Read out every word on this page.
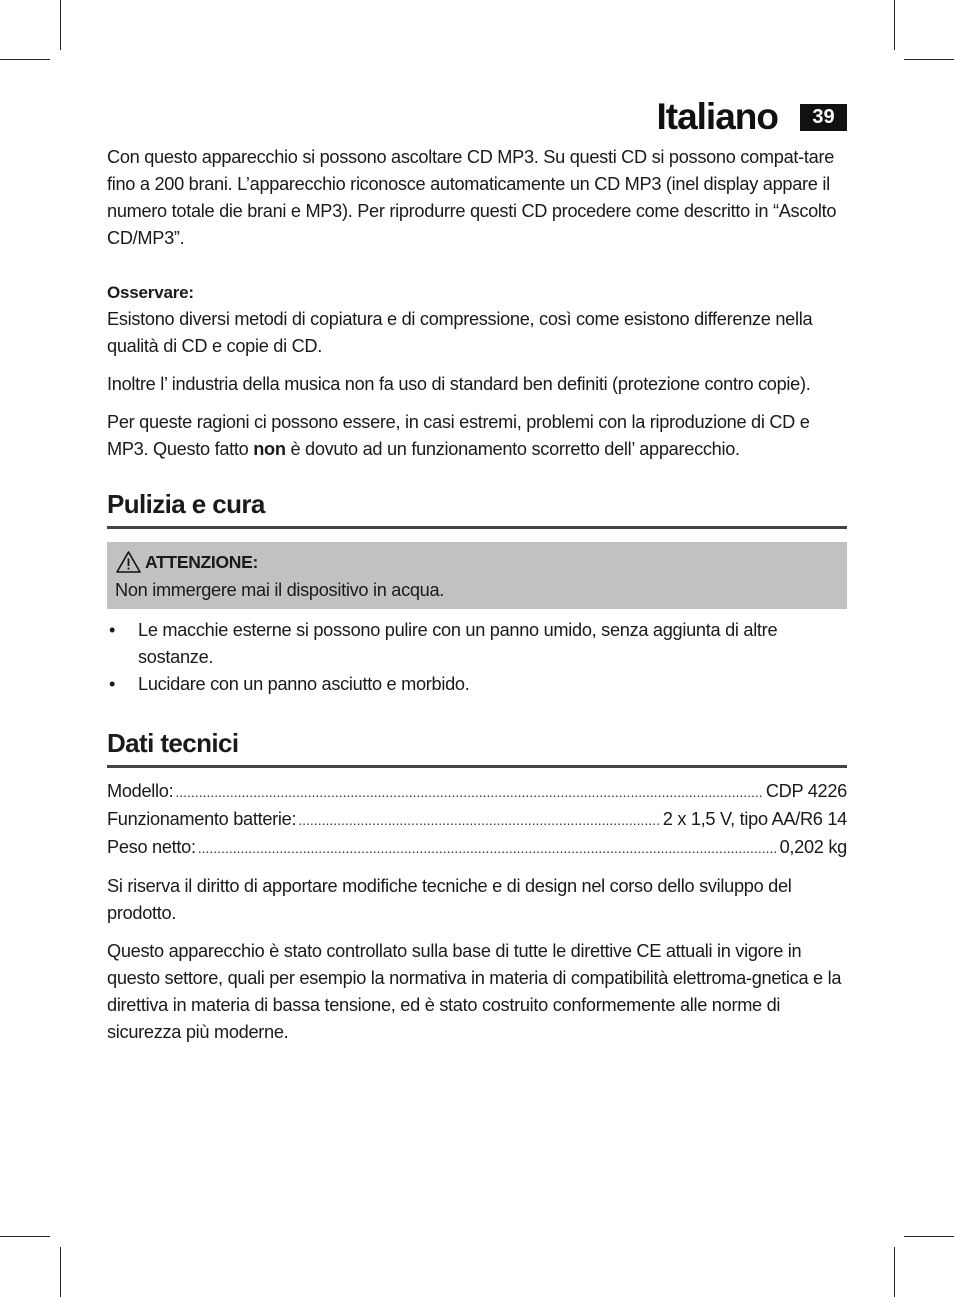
Italiano	39

Con questo apparecchio si possono ascoltare CD MP3. Su questi CD si possono compat-tare fino a 200 brani. L’apparecchio riconosce automaticamente un CD MP3 (inel display appare il numero totale die brani e MP3). Per riprodurre questi CD procedere come descritto in “Ascolto CD/MP3”.

Osservare:

Esistono diversi metodi di copiatura e di compressione, così come esistono differenze nella qualità di CD e copie di CD.

Inoltre l’ industria della musica non fa uso di standard ben definiti (protezione contro copie).

Per queste ragioni ci possono essere, in casi estremi, problemi con la riproduzione di CD e MP3. Questo fatto non è dovuto ad un funzionamento scorretto dell’ apparecchio.

Pulizia e cura
ATTENZIONE:
Non immergere mai il dispositivo in acqua.
• Le macchie esterne si possono pulire con un panno umido, senza aggiunta di altre sostanze.
• Lucidare con un panno asciutto e morbido.
Dati tecnici
Modello: .....	CDP 4226
Funzionamento batterie: .....	2 x 1,5 V, tipo AA/R6 14
Peso netto: .....	0,202 kg

Si riserva il diritto di apportare modifiche tecniche e di design nel corso dello sviluppo del prodotto.

Questo apparecchio è stato controllato sulla base di tutte le direttive CE attuali in vigore in questo settore, quali per esempio la normativa in materia di compatibilità elettroma-gnetica e la direttiva in materia di bassa tensione, ed è stato costruito conformemente alle norme di sicurezza più moderne.
